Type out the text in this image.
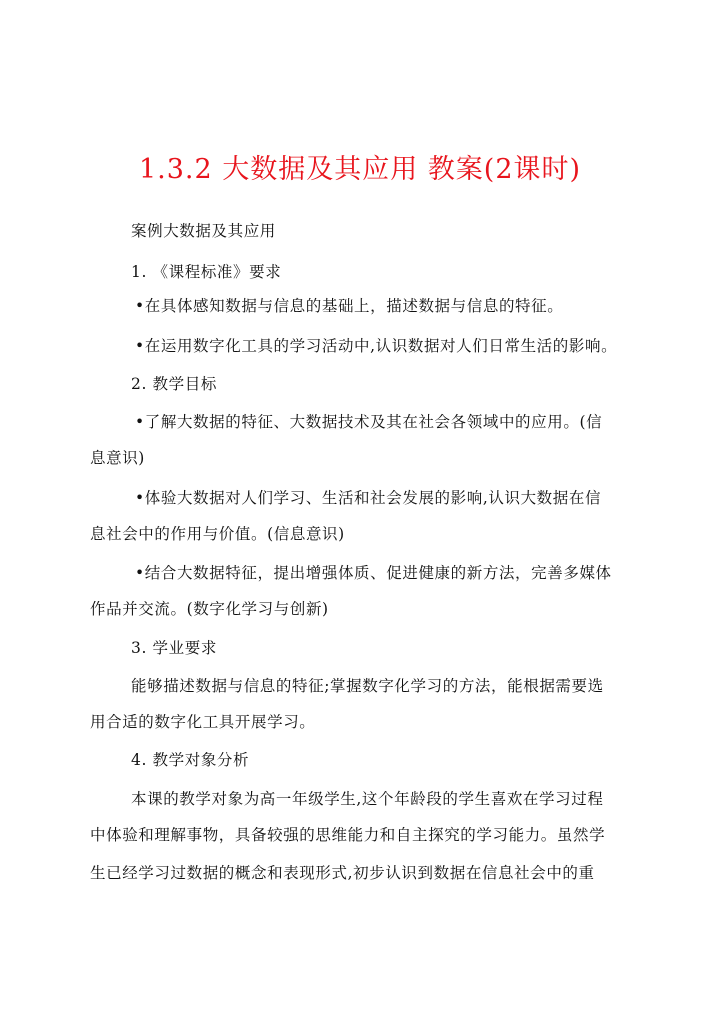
1.3.2 大数据及其应用 教案(2课时)
案例大数据及其应用
1. 《课程标准》要求
•在具体感知数据与信息的基础上，描述数据与信息的特征。
•在运用数字化工具的学习活动中,认识数据对人们日常生活的影响。
2. 教学目标
•了解大数据的特征、大数据技术及其在社会各领域中的应用。(信
息意识)
•体验大数据对人们学习、生活和社会发展的影响,认识大数据在信
息社会中的作用与价值。(信息意识)
•结合大数据特征，提出增强体质、促进健康的新方法，完善多媒体
作品并交流。(数字化学习与创新)
3. 学业要求
能够描述数据与信息的特征;掌握数字化学习的方法，能根据需要选
用合适的数字化工具开展学习。
4. 教学对象分析
本课的教学对象为高一年级学生,这个年龄段的学生喜欢在学习过程
中体验和理解事物，具备较强的思维能力和自主探究的学习能力。虽然学
生已经学习过数据的概念和表现形式,初步认识到数据在信息社会中的重
